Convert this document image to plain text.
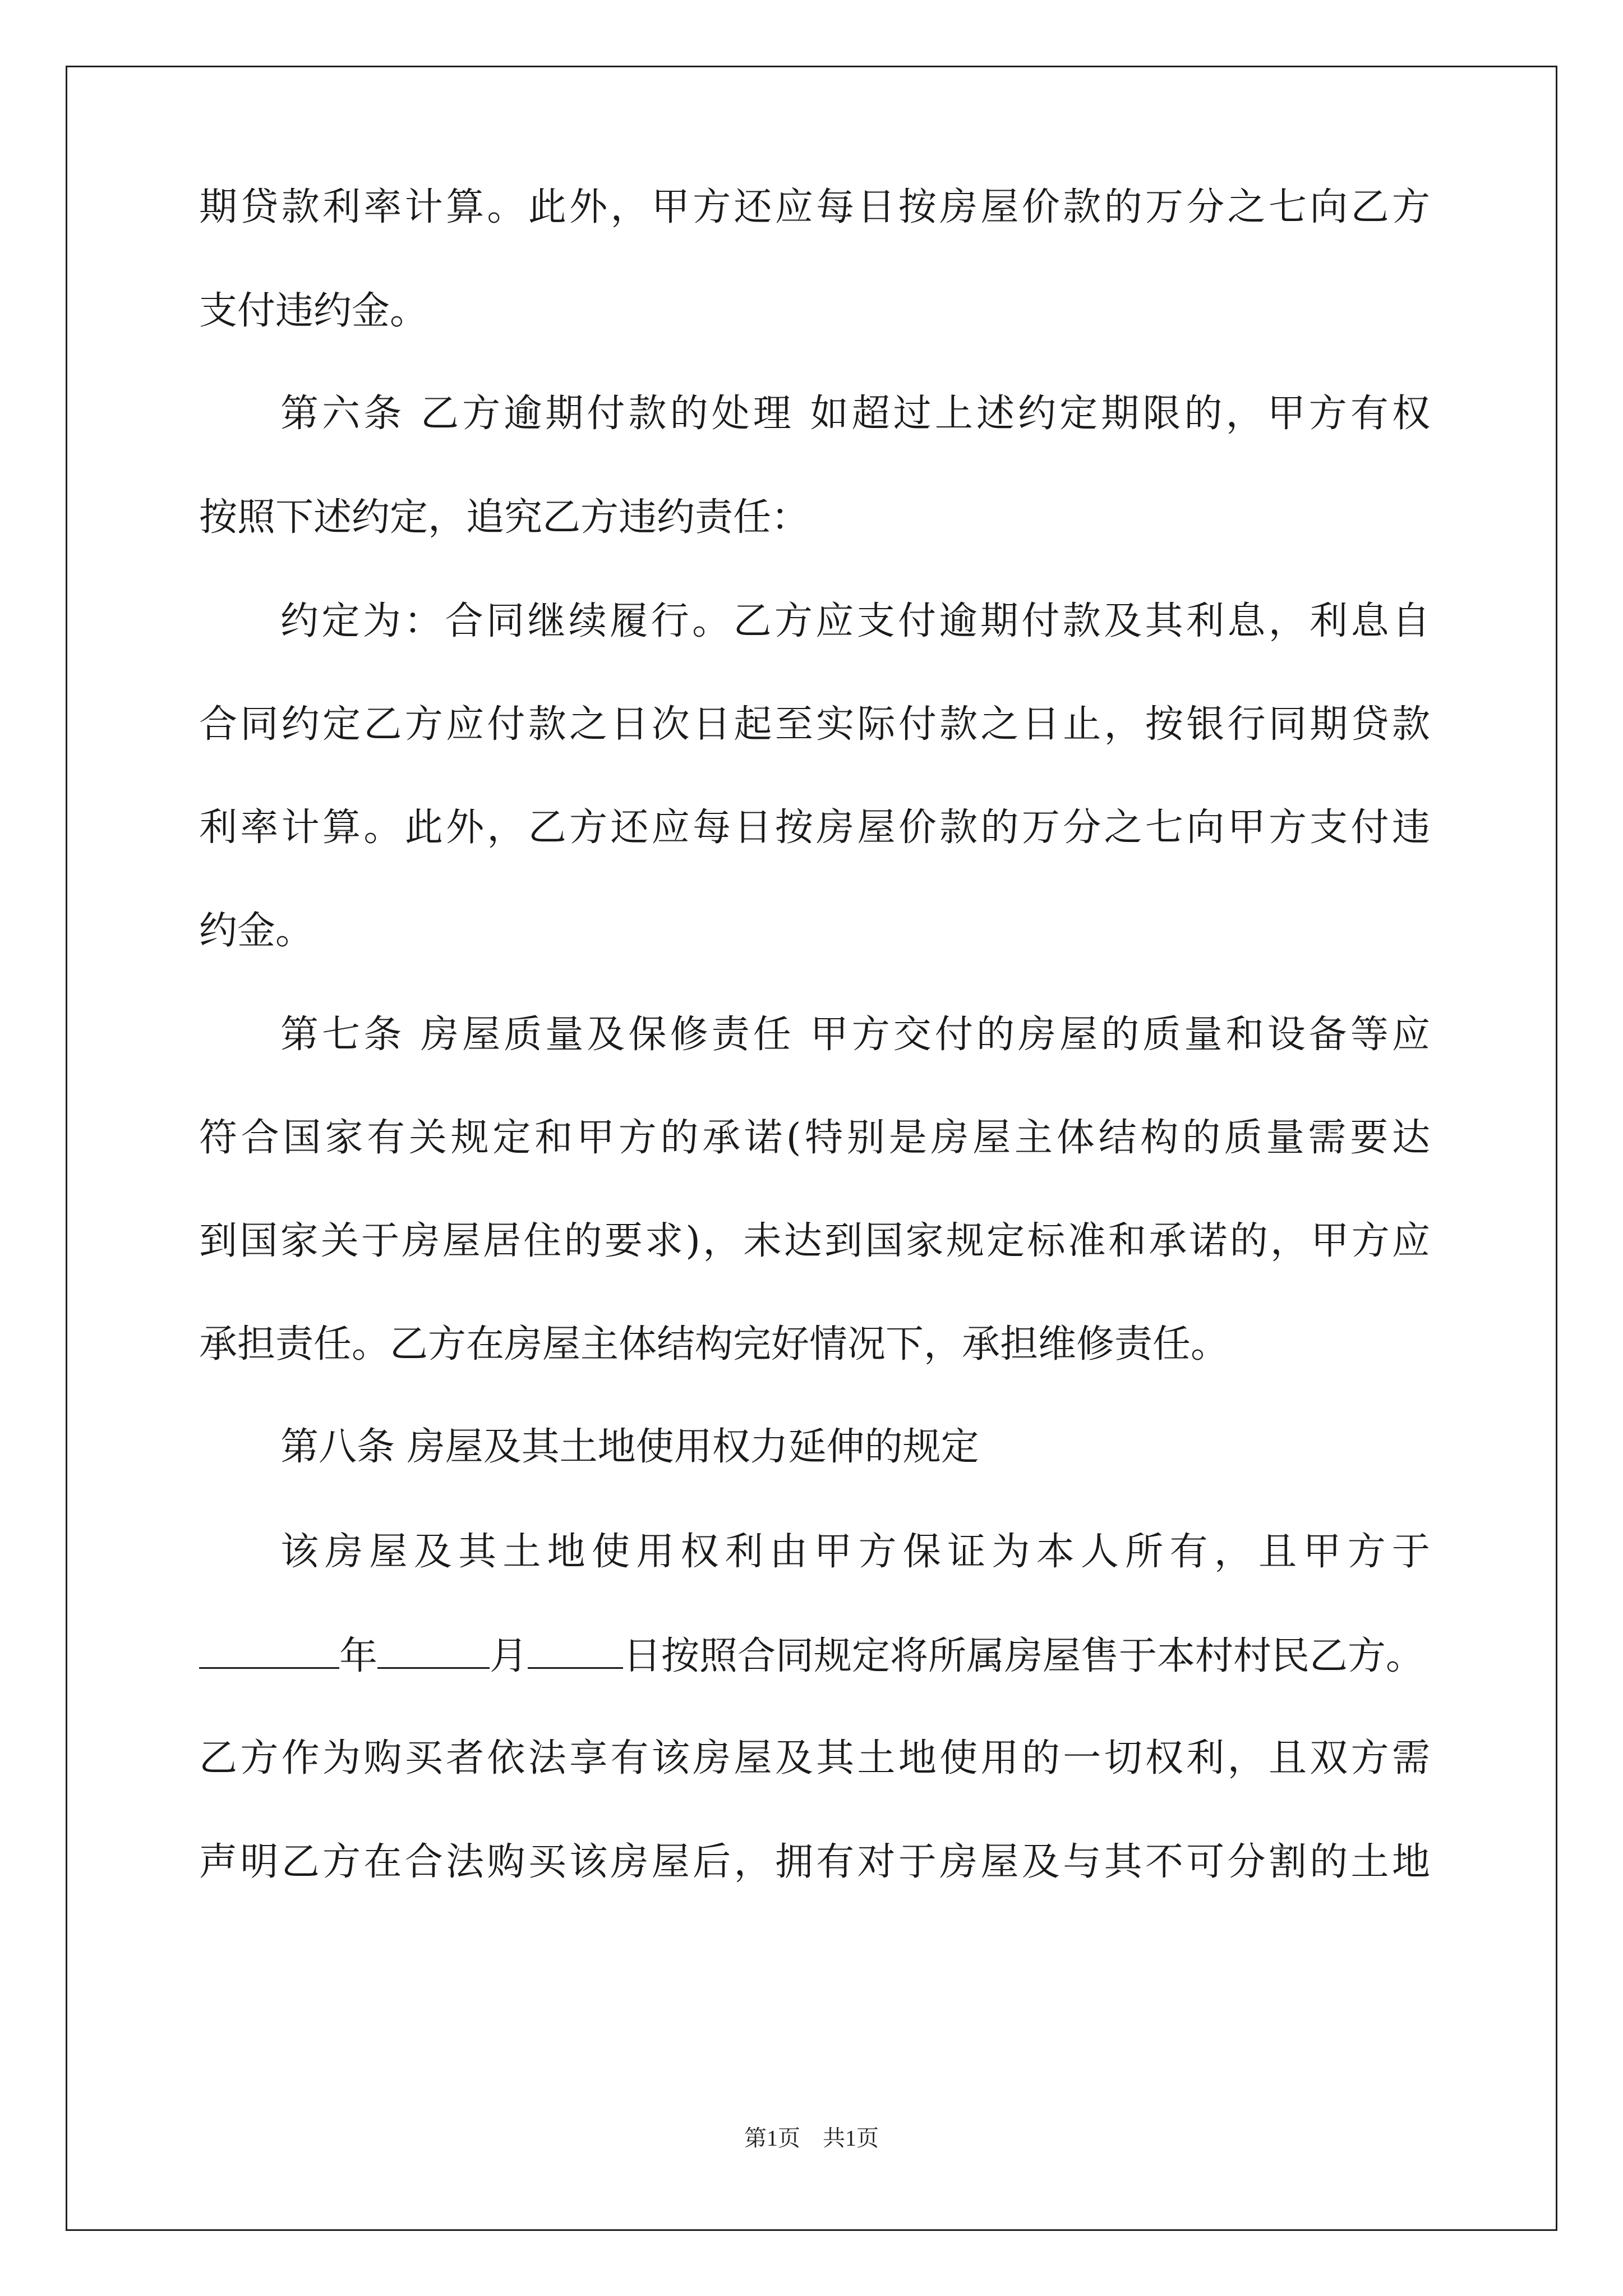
期贷款利率计算。此外，甲方还应每日按房屋价款的万分之七向乙方
支付违约金。
第六条 乙方逾期付款的处理 如超过上述约定期限的，甲方有权
按照下述约定，追究乙方违约责任：
约定为：合同继续履行。乙方应支付逾期付款及其利息，利息自
合同约定乙方应付款之日次日起至实际付款之日止，按银行同期贷款
利率计算。此外，乙方还应每日按房屋价款的万分之七向甲方支付违
约金。
第七条 房屋质量及保修责任 甲方交付的房屋的质量和设备等应
符合国家有关规定和甲方的承诺(特别是房屋主体结构的质量需要达
到国家关于房屋居住的要求)，未达到国家规定标准和承诺的，甲方应
承担责任。乙方在房屋主体结构完好情况下，承担维修责任。
第八条 房屋及其土地使用权力延伸的规定
该房屋及其土地使用权利由甲方保证为本人所有，且甲方于
年	月	日按照合同规定将所属房屋售于本村村民乙方。
乙方作为购买者依法享有该房屋及其土地使用的一切权利，且双方需
声明乙方在合法购买该房屋后，拥有对于房屋及与其不可分割的土地
第1页 共1页
